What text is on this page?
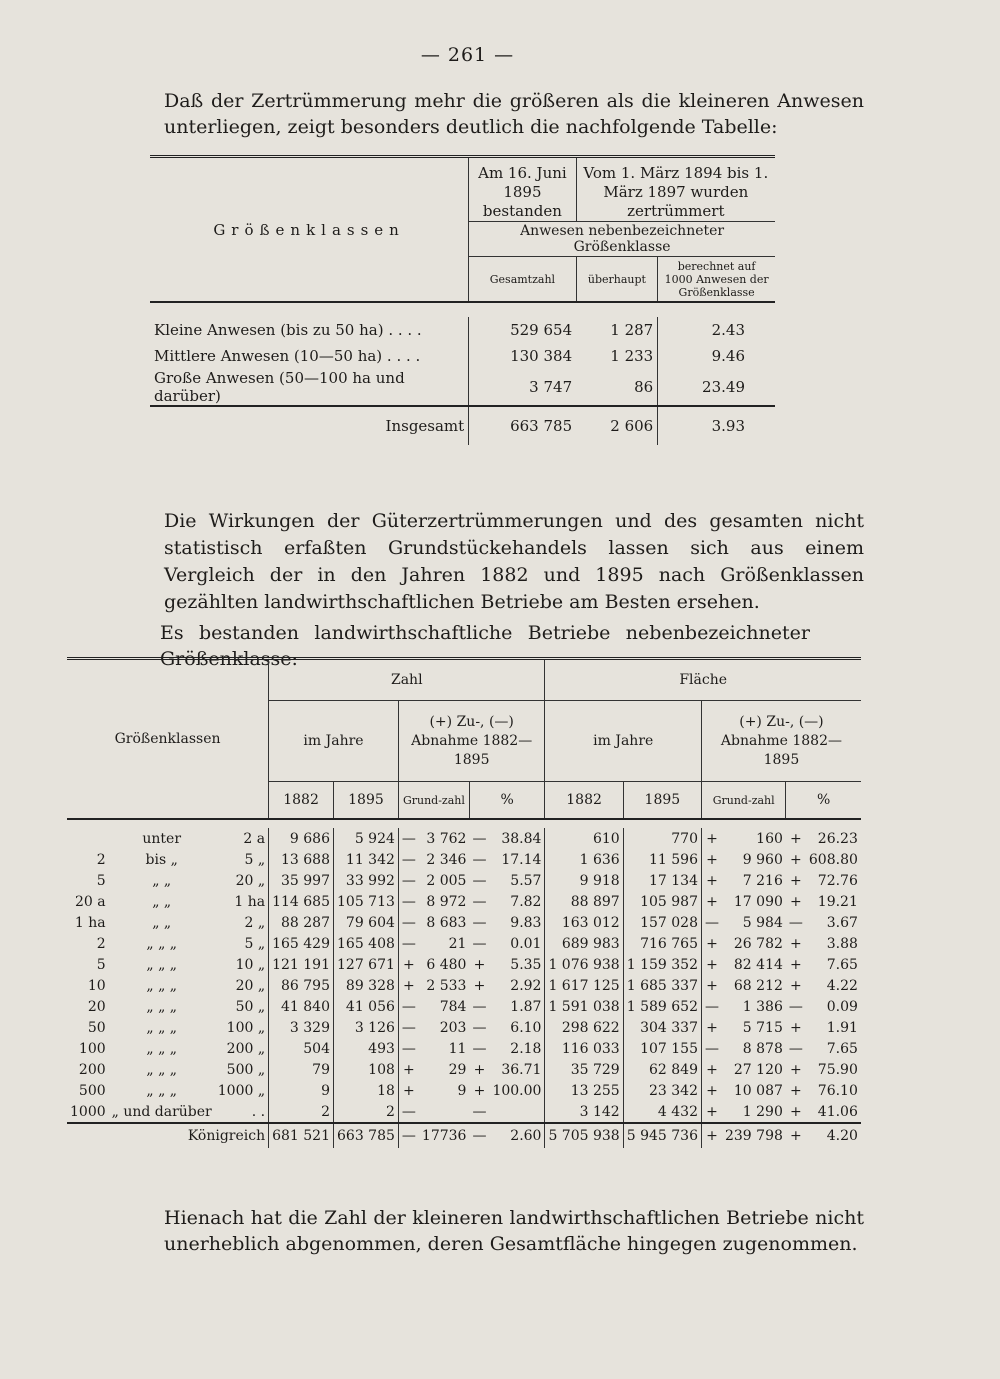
— 261 —
Daß der Zertrümmerung mehr die größeren als die kleineren Anwesen unterliegen, zeigt besonders deutlich die nachfolgende Tabelle:
Größenklassen	Am 16. Juni 1895 bestanden	Vom 1. März 1894 bis 1. März 1897 wurden zertrümmert	
	Anwesen nebenbezeichneter Größenklasse		
	Gesamtzahl	überhaupt	berechnet auf 1000 Anwesen der Größenklasse

Kleine Anwesen (bis zu 50 ha) . . . .	529 654	1 287	2.43
Mittlere Anwesen (10—50 ha) . . . .	130 384	1 233	9.46
Große Anwesen (50—100 ha und darüber)	3 747	86	23.49
Insgesamt	663 785	2 606	3.93
Die Wirkungen der Güterzertrümmerungen und des gesamten nicht statistisch erfaßten Grundstückehandels lassen sich aus einem Vergleich der in den Jahren 1882 und 1895 nach Größenklassen gezählten landwirthschaftlichen Betriebe am Besten ersehen.
Es bestanden landwirthschaftliche Betriebe nebenbezeichneter Größenklasse:
Größenklassen			Zahl						Fläche					
			im Jahre		(+) Zu-, (—) Abnahme 1882—1895				im Jahre		(+) Zu-, (—) Abnahme 1882—1895			
			1882	1895	Grund-zahl		%		1882	1895	Grund-zahl		%	

	unter	2 a	9 686	5 924	—	3 762	—	38.84	610	770	+	160	+	26.23
2	bis „	5 „	13 688	11 342	—	2 346	—	17.14	1 636	11 596	+	9 960	+	608.80
5	„ „	20 „	35 997	33 992	—	2 005	—	5.57	9 918	17 134	+	7 216	+	72.76
20 a	„ „	1 ha	114 685	105 713	—	8 972	—	7.82	88 897	105 987	+	17 090	+	19.21
1 ha	„ „	2 „	88 287	79 604	—	8 683	—	9.83	163 012	157 028	—	5 984	—	3.67
2	„ „ „	5 „	165 429	165 408	—	21	—	0.01	689 983	716 765	+	26 782	+	3.88
5	„ „ „	10 „	121 191	127 671	+	6 480	+	5.35	1 076 938	1 159 352	+	82 414	+	7.65
10	„ „ „	20 „	86 795	89 328	+	2 533	+	2.92	1 617 125	1 685 337	+	68 212	+	4.22
20	„ „ „	50 „	41 840	41 056	—	784	—	1.87	1 591 038	1 589 652	—	1 386	—	0.09
50	„ „ „	100 „	3 329	3 126	—	203	—	6.10	298 622	304 337	+	5 715	+	1.91
100	„ „ „	200 „	504	493	—	11	—	2.18	116 033	107 155	—	8 878	—	7.65
200	„ „ „	500 „	79	108	+	29	+	36.71	35 729	62 849	+	27 120	+	75.90
500	„ „ „	1000 „	9	18	+	9	+	100.00	13 255	23 342	+	10 087	+	76.10
1000	„ und darüber	. .	2	2	—		—		3 142	4 432	+	1 290	+	41.06
Königreich			681 521	663 785	—	17736	—	2.60	5 705 938	5 945 736	+	239 798	+	4.20
Hienach hat die Zahl der kleineren landwirthschaftlichen Betriebe nicht unerheblich abgenommen, deren Gesamtfläche hingegen zugenommen.
